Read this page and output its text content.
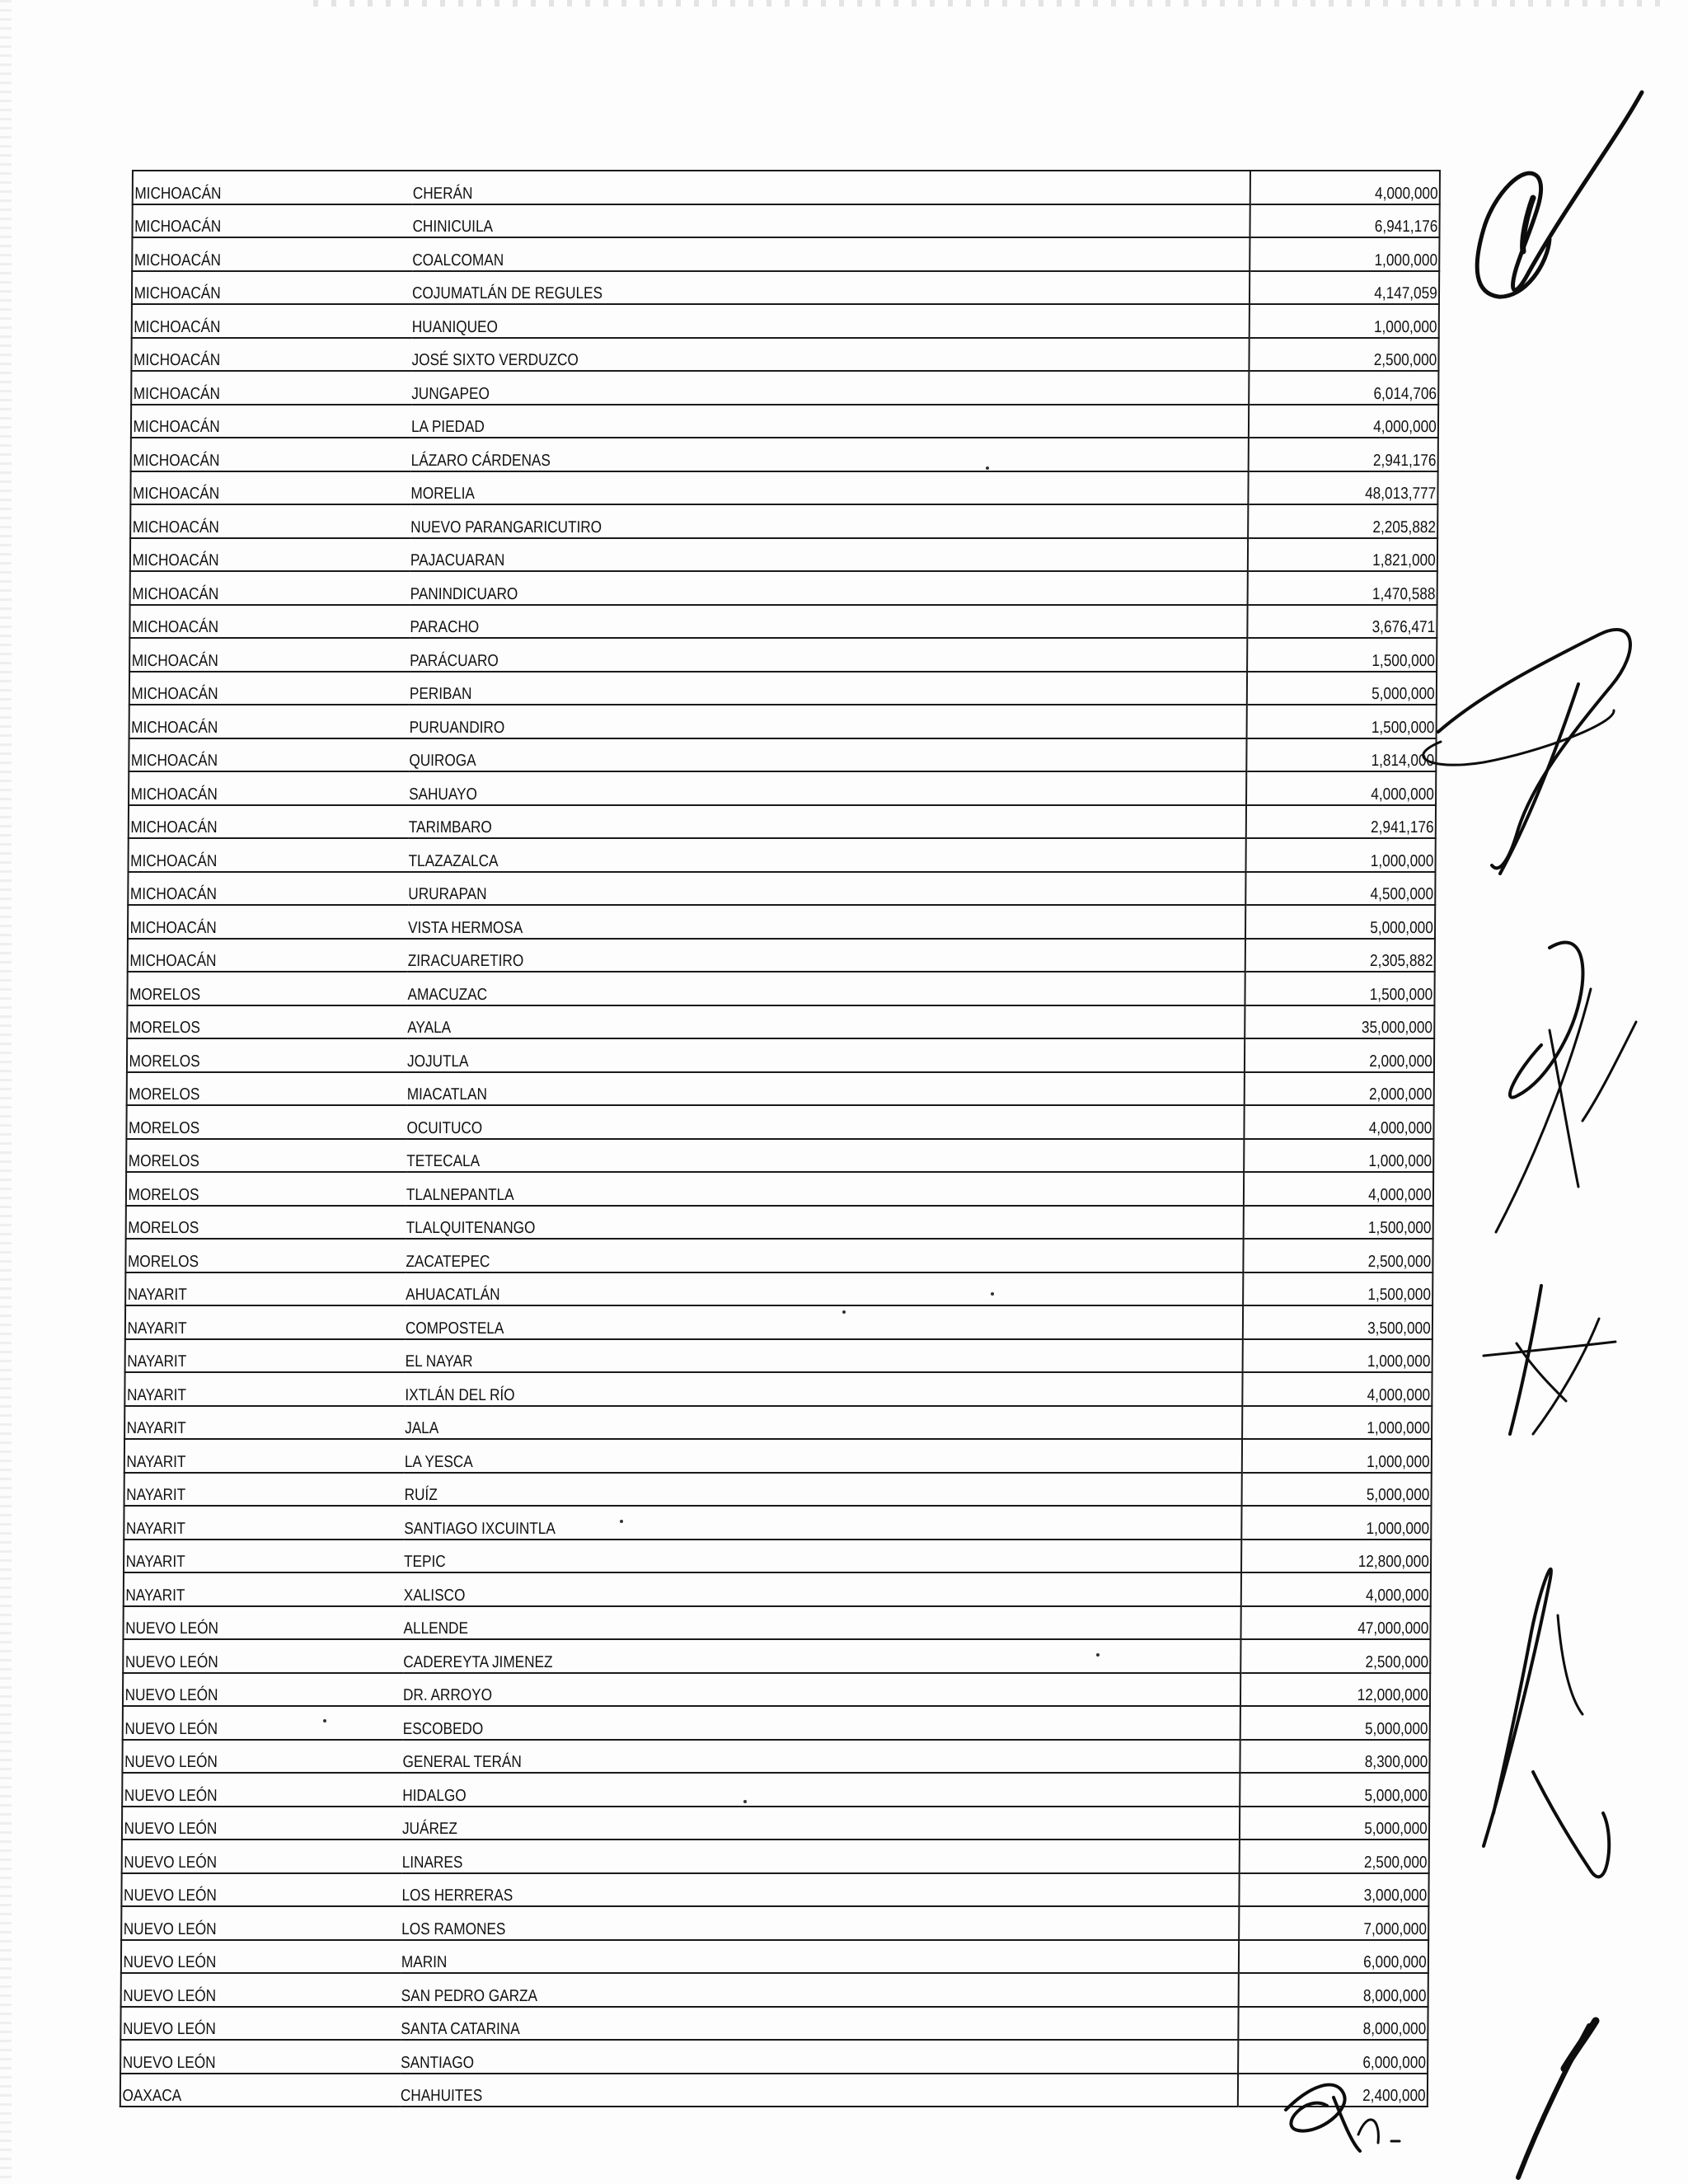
MICHOACÁN	CHERÁN	4,000,000
MICHOACÁN	CHINICUILA	6,941,176
MICHOACÁN	COALCOMAN	1,000,000
MICHOACÁN	COJUMATLÁN DE REGULES	4,147,059
MICHOACÁN	HUANIQUEO	1,000,000
MICHOACÁN	JOSÉ SIXTO VERDUZCO	2,500,000
MICHOACÁN	JUNGAPEO	6,014,706
MICHOACÁN	LA PIEDAD	4,000,000
MICHOACÁN	LÁZARO CÁRDENAS	2,941,176
MICHOACÁN	MORELIA	48,013,777
MICHOACÁN	NUEVO PARANGARICUTIRO	2,205,882
MICHOACÁN	PAJACUARAN	1,821,000
MICHOACÁN	PANINDICUARO	1,470,588
MICHOACÁN	PARACHO	3,676,471
MICHOACÁN	PARÁCUARO	1,500,000
MICHOACÁN	PERIBAN	5,000,000
MICHOACÁN	PURUANDIRO	1,500,000
MICHOACÁN	QUIROGA	1,814,000
MICHOACÁN	SAHUAYO	4,000,000
MICHOACÁN	TARIMBARO	2,941,176
MICHOACÁN	TLAZAZALCA	1,000,000
MICHOACÁN	URURAPAN	4,500,000
MICHOACÁN	VISTA HERMOSA	5,000,000
MICHOACÁN	ZIRACUARETIRO	2,305,882
MORELOS	AMACUZAC	1,500,000
MORELOS	AYALA	35,000,000
MORELOS	JOJUTLA	2,000,000
MORELOS	MIACATLAN	2,000,000
MORELOS	OCUITUCO	4,000,000
MORELOS	TETECALA	1,000,000
MORELOS	TLALNEPANTLA	4,000,000
MORELOS	TLALQUITENANGO	1,500,000
MORELOS	ZACATEPEC	2,500,000
NAYARIT	AHUACATLÁN	1,500,000
NAYARIT	COMPOSTELA	3,500,000
NAYARIT	EL NAYAR	1,000,000
NAYARIT	IXTLÁN DEL RÍO	4,000,000
NAYARIT	JALA	1,000,000
NAYARIT	LA YESCA	1,000,000
NAYARIT	RUÍZ	5,000,000
NAYARIT	SANTIAGO IXCUINTLA	1,000,000
NAYARIT	TEPIC	12,800,000
NAYARIT	XALISCO	4,000,000
NUEVO LEÓN	ALLENDE	47,000,000
NUEVO LEÓN	CADEREYTA JIMENEZ	2,500,000
NUEVO LEÓN	DR. ARROYO	12,000,000
NUEVO LEÓN	ESCOBEDO	5,000,000
NUEVO LEÓN	GENERAL TERÁN	8,300,000
NUEVO LEÓN	HIDALGO	5,000,000
NUEVO LEÓN	JUÁREZ	5,000,000
NUEVO LEÓN	LINARES	2,500,000
NUEVO LEÓN	LOS HERRERAS	3,000,000
NUEVO LEÓN	LOS RAMONES	7,000,000
NUEVO LEÓN	MARIN	6,000,000
NUEVO LEÓN	SAN PEDRO GARZA	8,000,000
NUEVO LEÓN	SANTA CATARINA	8,000,000
NUEVO LEÓN	SANTIAGO	6,000,000
OAXACA	CHAHUITES	2,400,000
